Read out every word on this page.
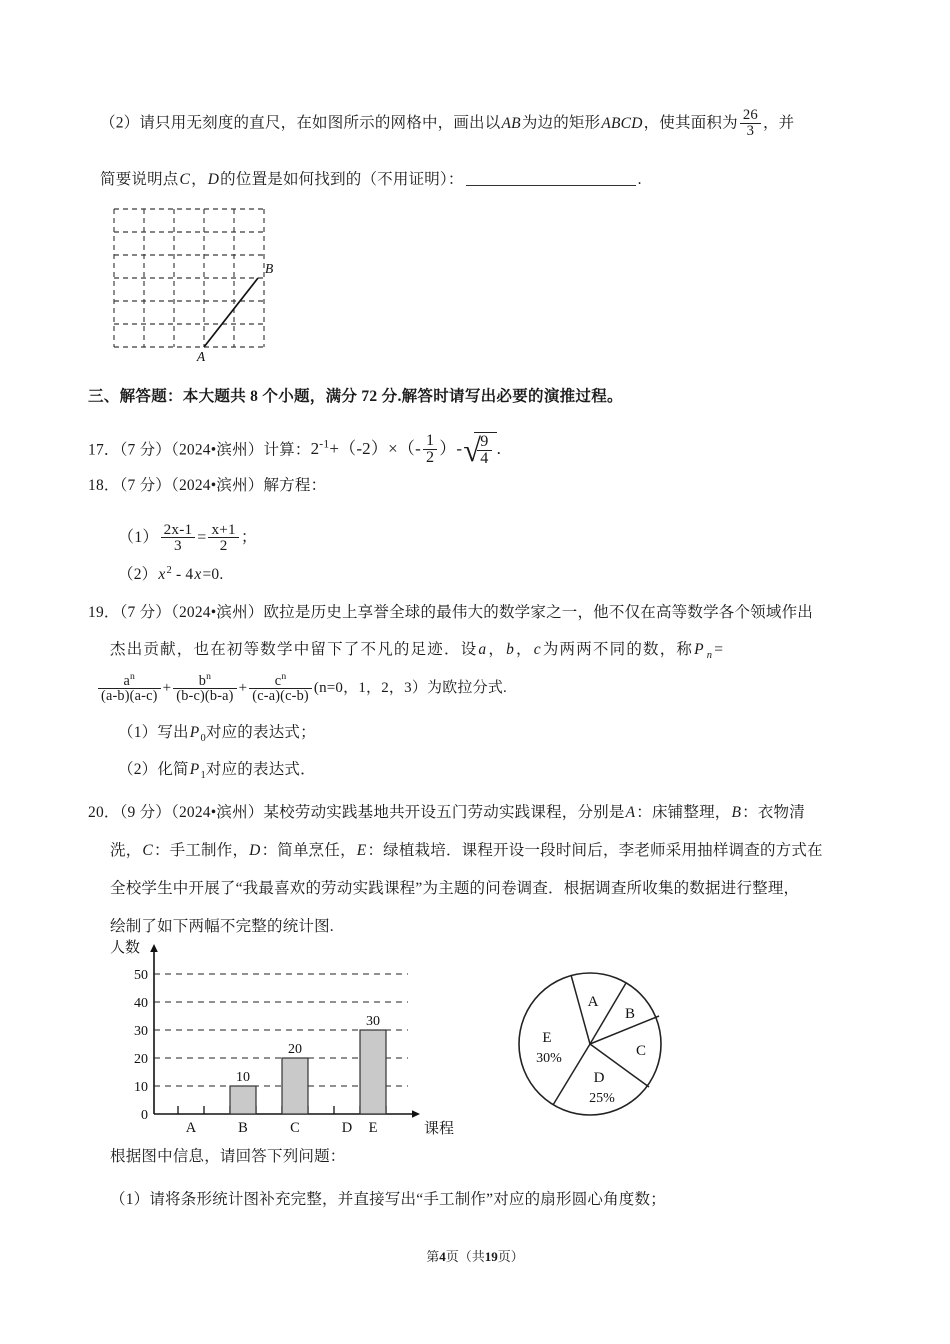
（2）请只用无刻度的直尺，在如图所示的网格中，画出以AB为边的矩形ABCD，使其面积为 $\frac{26}{3}$ ，并
简要说明点C，D的位置是如何找到的（不用证明）：	.
A
B
三、解答题：本大题共 8 个小题，满分 72 分.解答时请写出必要的演推过程。
17．（7 分）（2024•滨州）计算：$2^{-1}+(-2)\times(- \frac{1}{2}$ ）- √
$\frac{9}{4}$ .
18．（7 分）（2024•滨州）解方程：
$(1) \frac{2x-1}{3} = \frac{x+1}{2}$ ；
$(2)x^2 - 4x=0$.
19．（7 分）（2024•滨州）欧拉是历史上享誉全球的最伟大的数学家之一，他不仅在高等数学各个领域作出
杰出贡献，也在初等数学中留下了不凡的足迹．设a，b，c为两两不同的数，称P $_n$=
$\frac{a^n}{(a-b)(a-c)} + \frac{b^n}{(b-c)(b-a)} + \frac{c^n}{(c-a)(c-b)} (n=0$，1，2，3）为欧拉分式.
（1）写出$P_0$对应的表达式；
（2）化简$P_1$对应的表达式．
20．（9 分）（2024•滨州）某校劳动实践基地共开设五门劳动实践课程，分别是A：床铺整理，B：衣物清
洗，C：手工制作，D：简单烹任，E：绿植栽培．课程开设一段时间后，李老师采用抽样调查的方式在
全校学生中开展了“我最喜欢的劳动实践课程”为主题的问卷调查．根据调查所收集的数据进行整理，
绘制了如下两幅不完整的统计图.
人数
0
10
20
30
40
50
10
20
30
A	B	C	D E	课程
A
B
C
D
25%
E
30%
根据图中信息，请回答下列问题：
（1）请将条形统计图补充完整，并直接写出“手工制作”对应的扇形圆心角度数；
第4页（共19页）
